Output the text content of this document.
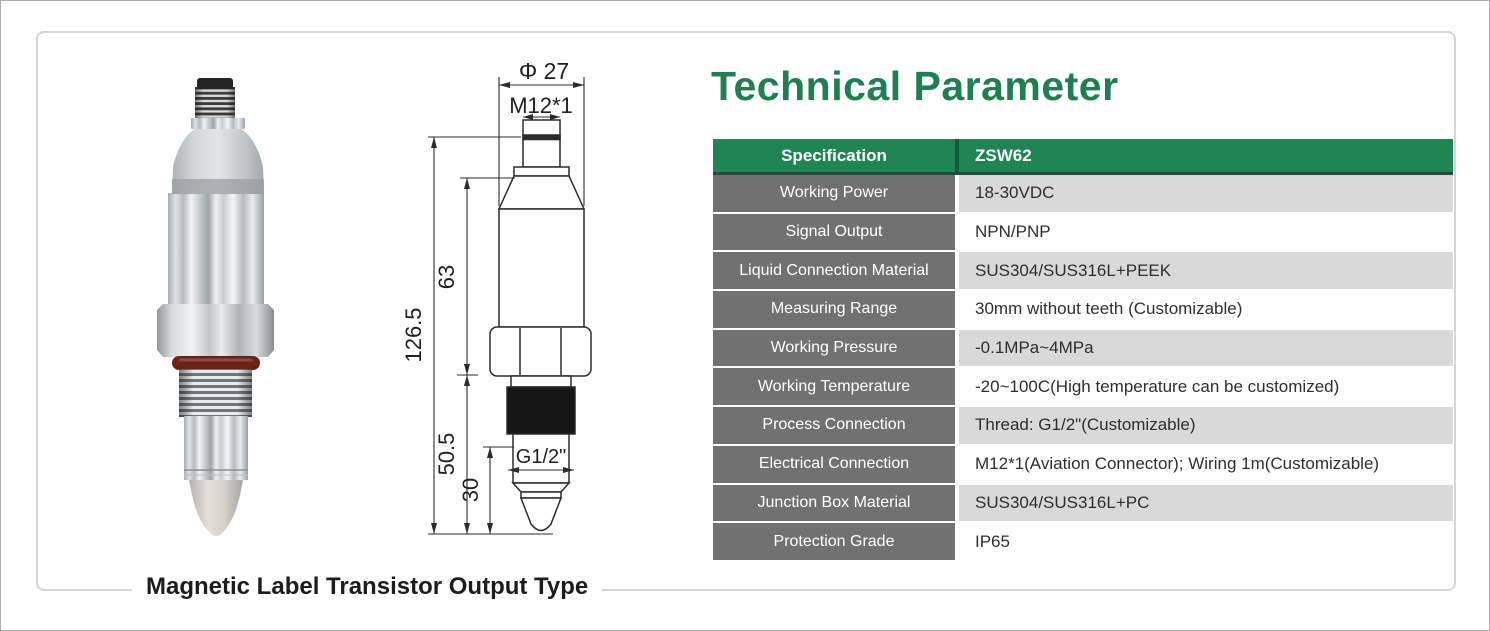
Φ 27
M12*1
126.5
63
50.5
30
G1/2"
Technical Parameter
Specification	ZSW62
Working Power	18-30VDC
Signal Output	NPN/PNP
Liquid Connection Material	SUS304/SUS316L+PEEK
Measuring Range	30mm without teeth (Customizable)
Working Pressure	-0.1MPa~4MPa
Working Temperature	-20~100C(High temperature can be customized)
Process Connection	Thread: G1/2"(Customizable)
Electrical Connection	M12*1(Aviation Connector); Wiring 1m(Customizable)
Junction Box Material	SUS304/SUS316L+PC
Protection Grade	IP65
Magnetic Label Transistor Output Type
